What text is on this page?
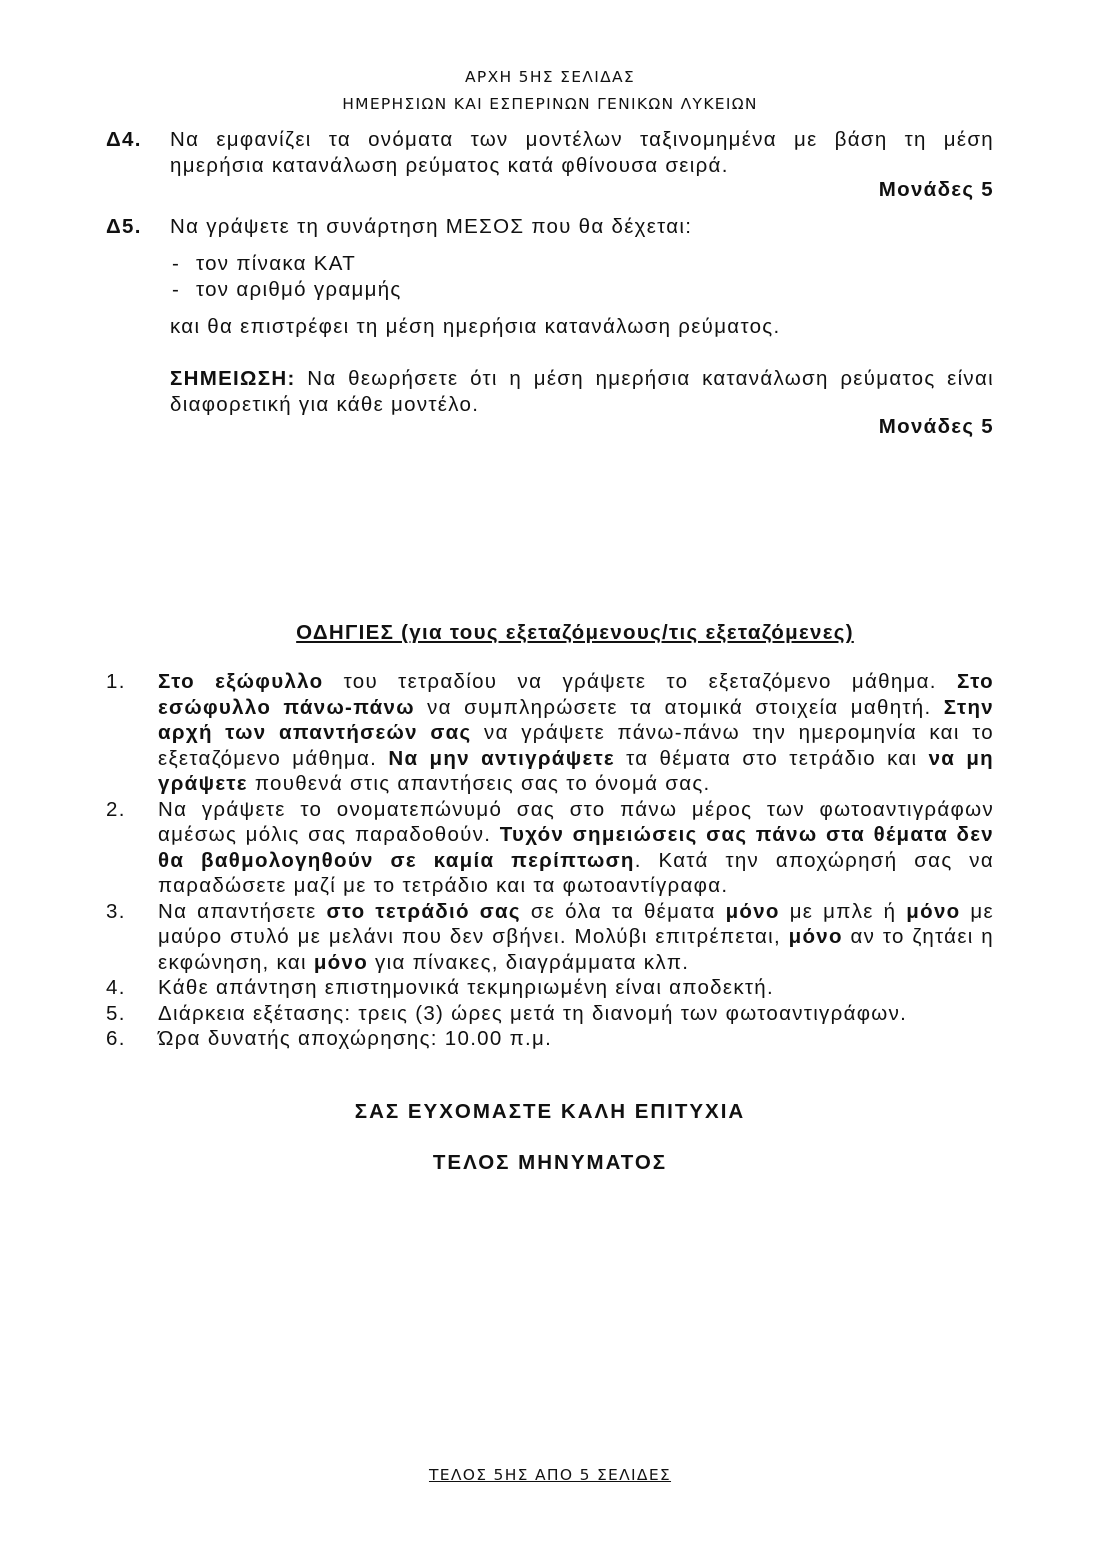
ΑΡΧΗ 5ΗΣ ΣΕΛΙΔΑΣ
ΗΜΕΡΗΣΙΩΝ ΚΑΙ ΕΣΠΕΡΙΝΩΝ ΓΕΝΙΚΩΝ ΛΥΚΕΙΩΝ
Δ4. Να εμφανίζει τα ονόματα των μοντέλων ταξινομημένα με βάση τη μέση ημερήσια κατανάλωση ρεύματος κατά φθίνουσα σειρά.
Μονάδες 5
Δ5. Να γράψετε τη συνάρτηση ΜΕΣΟΣ που θα δέχεται:
- τον πίνακα ΚΑΤ
- τον αριθμό γραμμής
και θα επιστρέφει τη μέση ημερήσια κατανάλωση ρεύματος.
ΣΗΜΕΙΩΣΗ: Να θεωρήσετε ότι η μέση ημερήσια κατανάλωση ρεύματος είναι διαφορετική για κάθε μοντέλο.
Μονάδες 5
ΟΔΗΓΙΕΣ (για τους εξεταζόμενους/τις εξεταζόμενες)
1.	Στο εξώφυλλο του τετραδίου να γράψετε το εξεταζόμενο μάθημα. Στο εσώφυλλο πάνω-πάνω να συμπληρώσετε τα ατομικά στοιχεία μαθητή. Στην αρχή των απαντήσεών σας να γράψετε πάνω-πάνω την ημερομηνία και το εξεταζόμενο μάθημα. Να μην αντιγράψετε τα θέματα στο τετράδιο και να μη γράψετε πουθενά στις απαντήσεις σας το όνομά σας.
2.	Να γράψετε το ονοματεπώνυμό σας στο πάνω μέρος των φωτοαντιγράφων αμέσως μόλις σας παραδοθούν. Τυχόν σημειώσεις σας πάνω στα θέματα δεν θα βαθμολογηθούν σε καμία περίπτωση. Κατά την αποχώρησή σας να παραδώσετε μαζί με το τετράδιο και τα φωτοαντίγραφα.
3.	Να απαντήσετε στο τετράδιό σας σε όλα τα θέματα μόνο με μπλε ή μόνο με μαύρο στυλό με μελάνι που δεν σβήνει. Μολύβι επιτρέπεται, μόνο αν το ζητάει η εκφώνηση, και μόνο για πίνακες, διαγράμματα κλπ.
4.	Κάθε απάντηση επιστημονικά τεκμηριωμένη είναι αποδεκτή.
5.	Διάρκεια εξέτασης: τρεις (3) ώρες μετά τη διανομή των φωτοαντιγράφων.
6.	Ώρα δυνατής αποχώρησης: 10.00 π.μ.
ΣΑΣ ΕΥΧΟΜΑΣΤΕ ΚΑΛΗ ΕΠΙΤΥΧΙΑ
ΤΕΛΟΣ ΜΗΝΥΜΑΤΟΣ
ΤΕΛΟΣ 5ΗΣ ΑΠΟ 5 ΣΕΛΙΔΕΣ
